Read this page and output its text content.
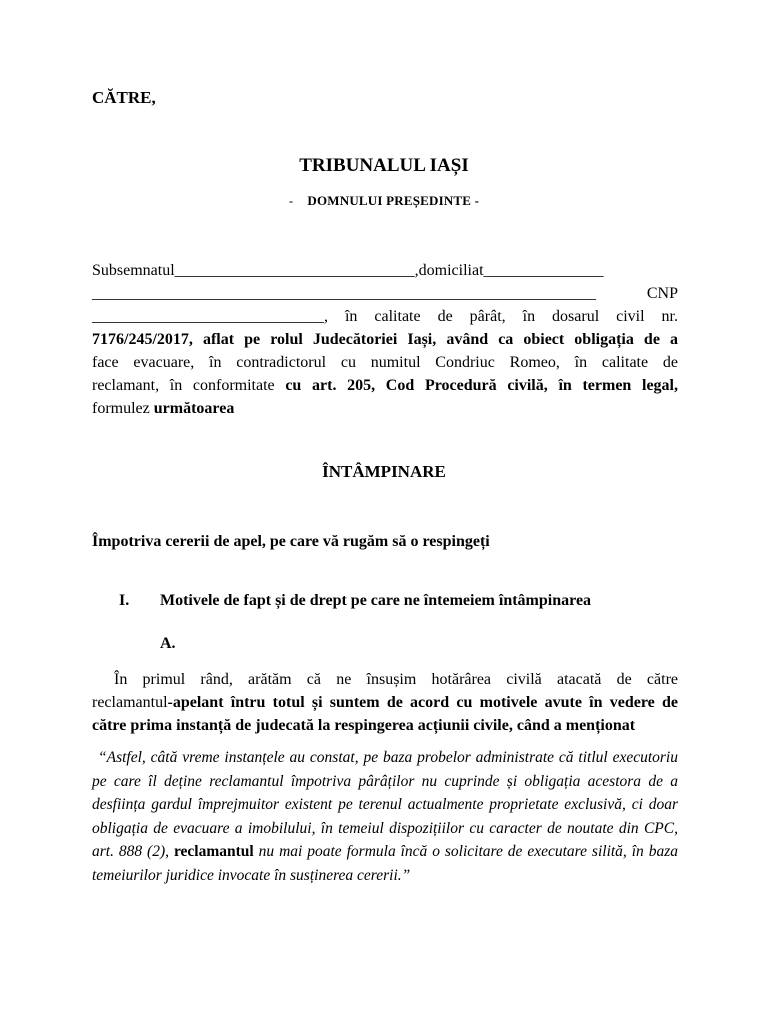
CĂTRE,
TRIBUNALUL IAȘI
- DOMNULUI PREȘEDINTE -

Subsemnatul______________________________,domiciliat_______________

_______________________________________________________________ CNP

_____________________________, în calitate de pârât, în dosarul civil nr.

7176/245/2017, aflat pe rolul Judecătoriei Iași, având ca obiect obligația de a

face evacuare, în contradictorul cu numitul Condriuc Romeo, în calitate de

reclamant, în conformitate cu art. 205, Cod Procedură civilă, în termen legal,

formulez următoarea

ÎNTÂMPINARE
Împotriva cererii de apel, pe care vă rugăm să o respingeți
I. Motivele de fapt și de drept pe care ne întemeiem întâmpinarea
A.

În primul rând, arătăm că ne însușim hotărârea civilă atacată de către

reclamantul-apelant întru totul și suntem de acord cu motivele avute în vedere de

către prima instanță de judecată la respingerea acțiunii civile, când a menționat

“Astfel, câtă vreme instanțele au constat, pe baza probelor administrate că titlul executoriu pe care îl deține reclamantul împotriva pârâților nu cuprinde și obligația acestora de a desființa gardul împrejmuitor existent pe terenul actualmente proprietate exclusivă, ci doar obligația de evacuare a imobilului, în temeiul dispozițiilor cu caracter de noutate din CPC, art. 888 (2), reclamantul nu mai poate formula încă o solicitare de executare silită, în baza temeiurilor juridice invocate în susținerea cererii.”
